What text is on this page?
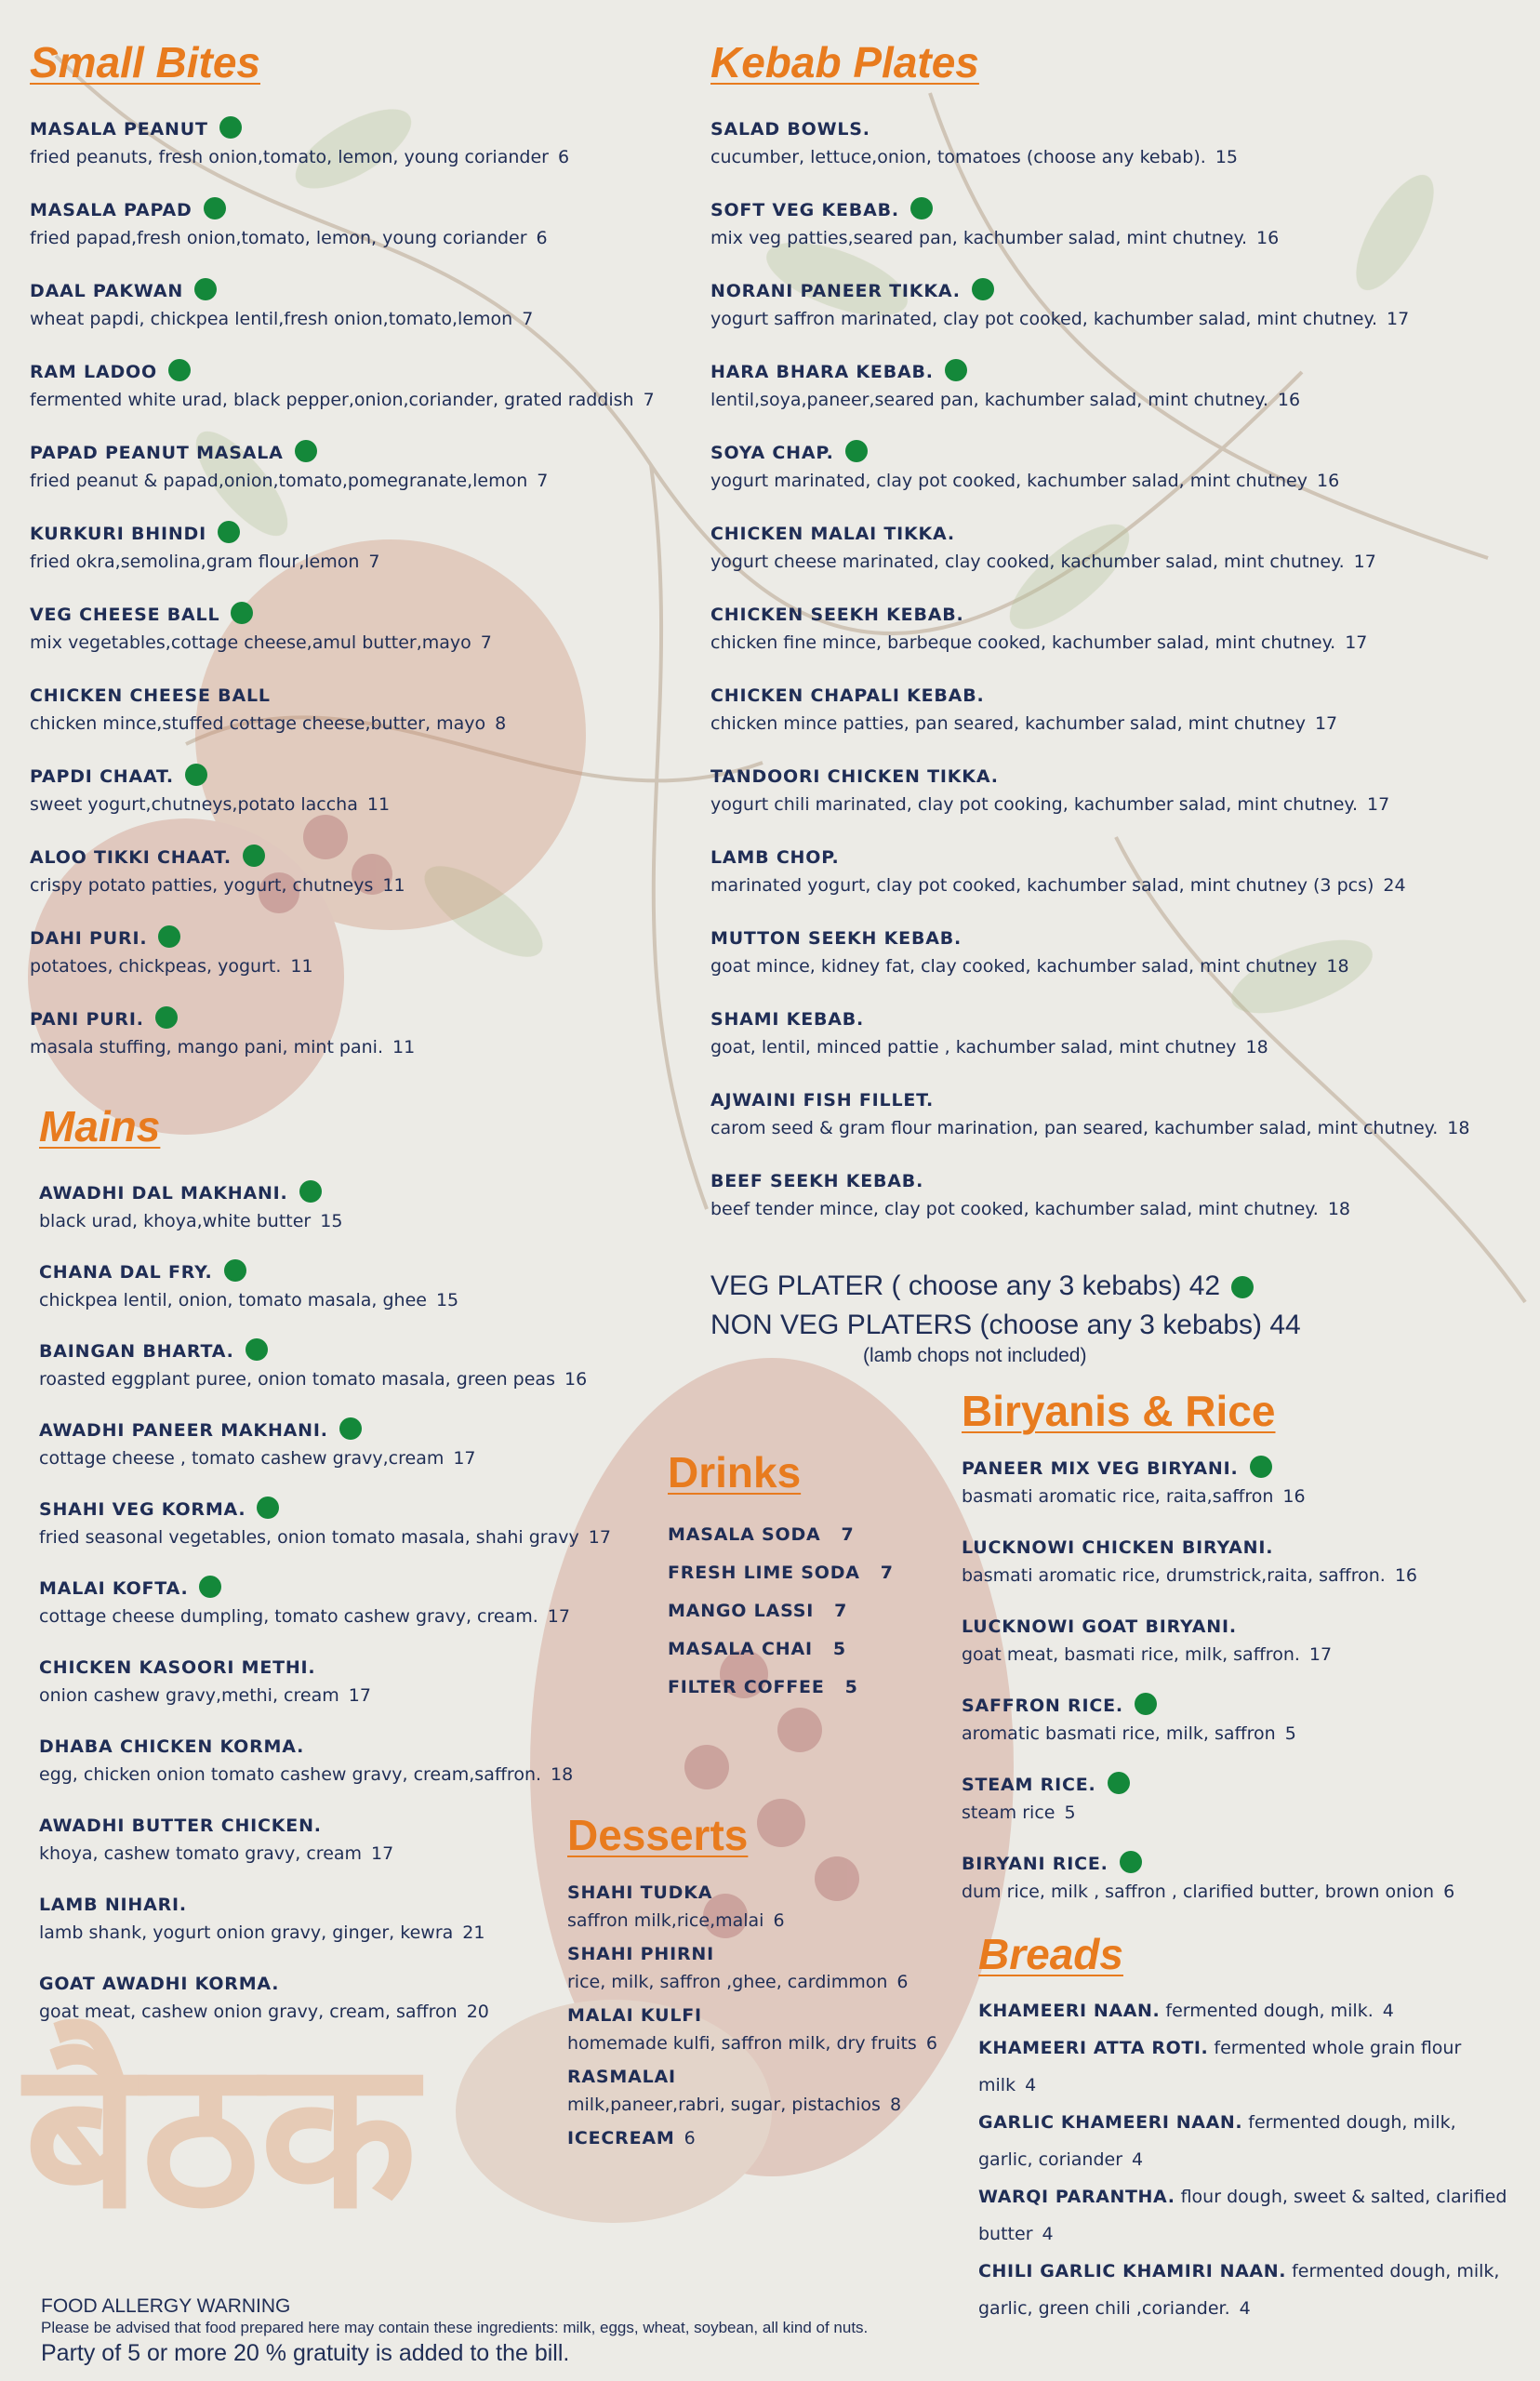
Small Bites
MASALA PEANUT
fried peanuts, fresh onion,tomato, lemon, young coriander 6
MASALA PAPAD
fried papad,fresh onion,tomato, lemon, young coriander 6
DAAL PAKWAN
wheat papdi, chickpea lentil,fresh onion,tomato,lemon 7
RAM LADOO
fermented white urad, black pepper,onion,coriander, grated raddish 7
PAPAD PEANUT MASALA
fried peanut & papad,onion,tomato,pomegranate,lemon 7
KURKURI BHINDI
fried okra,semolina,gram flour,lemon 7
VEG CHEESE BALL
mix vegetables,cottage cheese,amul butter,mayo 7
CHICKEN CHEESE BALL
chicken mince,stuffed cottage cheese,butter, mayo 8
PAPDI CHAAT.
sweet yogurt,chutneys,potato laccha 11
ALOO TIKKI CHAAT.
crispy potato patties, yogurt, chutneys 11
DAHI PURI.
potatoes, chickpeas, yogurt. 11
PANI PURI.
masala stuffing, mango pani, mint pani. 11
Mains
AWADHI DAL MAKHANI.
black urad, khoya,white butter 15
CHANA DAL FRY.
chickpea lentil, onion, tomato masala, ghee 15
BAINGAN BHARTA.
roasted eggplant puree, onion tomato masala, green peas 16
AWADHI PANEER MAKHANI.
cottage cheese , tomato cashew gravy,cream 17
SHAHI VEG KORMA.
fried seasonal vegetables, onion tomato masala, shahi gravy 17
MALAI KOFTA.
cottage cheese dumpling, tomato cashew gravy, cream. 17
CHICKEN KASOORI METHI.
onion cashew gravy,methi, cream 17
DHABA CHICKEN KORMA.
egg, chicken onion tomato cashew gravy, cream,saffron. 18
AWADHI BUTTER CHICKEN.
khoya, cashew tomato gravy, cream 17
LAMB NIHARI.
lamb shank, yogurt onion gravy, ginger, kewra 21
GOAT AWADHI KORMA.
goat meat, cashew onion gravy, cream, saffron 20
Kebab Plates
SALAD BOWLS.
cucumber, lettuce,onion, tomatoes (choose any kebab). 15
SOFT VEG KEBAB.
mix veg patties,seared pan, kachumber salad, mint chutney. 16
NORANI PANEER TIKKA.
yogurt saffron marinated, clay pot cooked, kachumber salad, mint chutney. 17
HARA BHARA KEBAB.
lentil,soya,paneer,seared pan, kachumber salad, mint chutney. 16
SOYA CHAP.
yogurt marinated, clay pot cooked, kachumber salad, mint chutney 16
CHICKEN MALAI TIKKA.
yogurt cheese marinated, clay cooked, kachumber salad, mint chutney. 17
CHICKEN SEEKH KEBAB.
chicken fine mince, barbeque cooked, kachumber salad, mint chutney. 17
CHICKEN CHAPALI KEBAB.
chicken mince patties, pan seared, kachumber salad, mint chutney 17
TANDOORI CHICKEN TIKKA.
yogurt chili marinated, clay pot cooking, kachumber salad, mint chutney. 17
LAMB CHOP.
marinated yogurt, clay pot cooked, kachumber salad, mint chutney (3 pcs) 24
MUTTON SEEKH KEBAB.
goat mince, kidney fat, clay cooked, kachumber salad, mint chutney 18
SHAMI KEBAB.
goat, lentil, minced pattie , kachumber salad, mint chutney 18
AJWAINI FISH FILLET.
carom seed & gram flour marination, pan seared, kachumber salad, mint chutney. 18
BEEF SEEKH KEBAB.
beef tender mince, clay pot cooked, kachumber salad, mint chutney. 18
VEG PLATER ( choose any 3 kebabs) 42
NON VEG PLATERS (choose any 3 kebabs) 44
(lamb chops not included)
Drinks
MASALA SODA 7
FRESH LIME SODA 7
MANGO LASSI 7
MASALA CHAI 5
FILTER COFFEE 5
Desserts
SHAHI TUDKA
saffron milk,rice,malai 6
SHAHI PHIRNI
rice, milk, saffron ,ghee, cardimmon 6
MALAI KULFI
homemade kulfi, saffron milk, dry fruits 6
RASMALAI
milk,paneer,rabri, sugar, pistachios 8
ICECREAM 6
Biryanis & Rice
PANEER MIX VEG BIRYANI.
basmati aromatic rice, raita,saffron 16
LUCKNOWI CHICKEN BIRYANI.
basmati aromatic rice, drumstrick,raita, saffron. 16
LUCKNOWI GOAT BIRYANI.
goat meat, basmati rice, milk, saffron. 17
SAFFRON RICE.
aromatic basmati rice, milk, saffron 5
STEAM RICE.
steam rice 5
BIRYANI RICE.
dum rice, milk , saffron , clarified butter, brown onion 6
Breads
KHAMEERI NAAN. fermented dough, milk. 4
KHAMEERI ATTA ROTI. fermented whole grain flour milk 4
GARLIC KHAMEERI NAAN. fermented dough, milk, garlic, coriander 4
WARQI PARANTHA. flour dough, sweet & salted, clarified butter 4
CHILI GARLIC KHAMIRI NAAN. fermented dough, milk, garlic, green chili ,coriander. 4
बैठक
FOOD ALLERGY WARNING
Please be advised that food prepared here may contain these ingredients: milk, eggs, wheat, soybean, all kind of nuts.
Party of 5 or more 20 % gratuity is added to the bill.
